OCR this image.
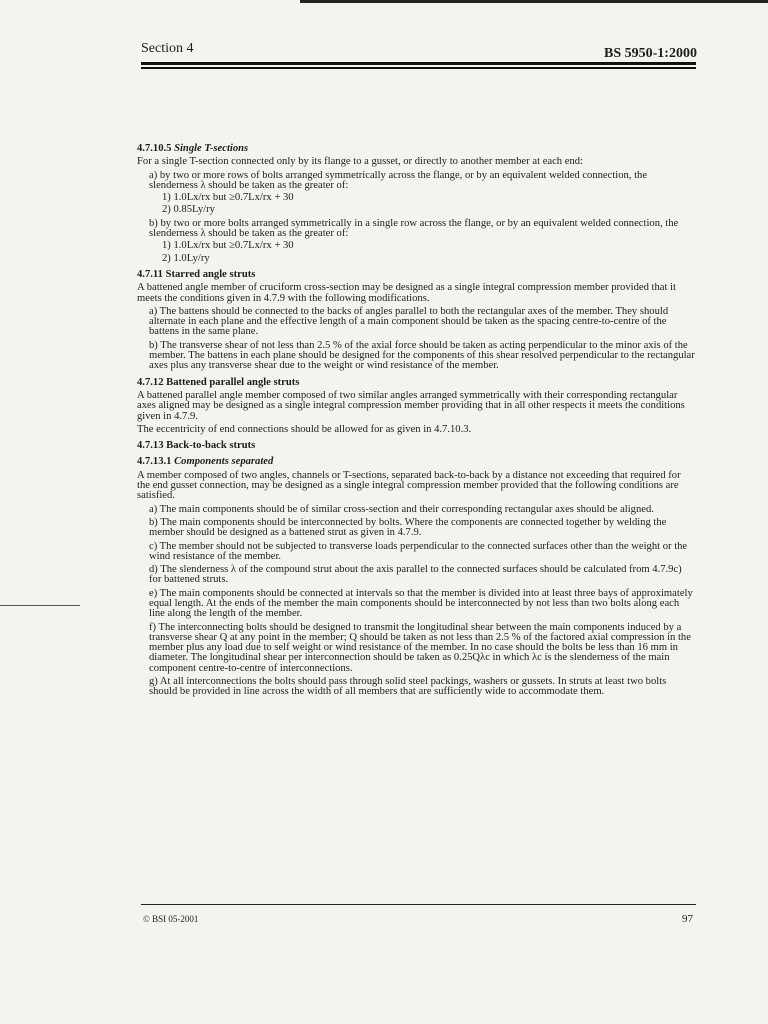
Section 4	BS 5950-1:2000

4.7.10.5 Single T-sections

For a single T-section connected only by its flange to a gusset, or directly to another member at each end:

a) by two or more rows of bolts arranged symmetrically across the flange, or by an equivalent welded connection, the slenderness λ should be taken as the greater of:

1) 1.0Lx/rx but ≥0.7Lx/rx + 30

2) 0.85Ly/ry

b) by two or more bolts arranged symmetrically in a single row across the flange, or by an equivalent welded connection, the slenderness λ should be taken as the greater of:

1) 1.0Lx/rx but ≥0.7Lx/rx + 30

2) 1.0Ly/ry

4.7.11 Starred angle struts

A battened angle member of cruciform cross-section may be designed as a single integral compression member provided that it meets the conditions given in 4.7.9 with the following modifications.

a) The battens should be connected to the backs of angles parallel to both the rectangular axes of the member. They should alternate in each plane and the effective length of a main component should be taken as the spacing centre-to-centre of the battens in the same plane.

b) The transverse shear of not less than 2.5 % of the axial force should be taken as acting perpendicular to the minor axis of the member. The battens in each plane should be designed for the components of this shear resolved perpendicular to the rectangular axes plus any transverse shear due to the weight or wind resistance of the member.

4.7.12 Battened parallel angle struts

A battened parallel angle member composed of two similar angles arranged symmetrically with their corresponding rectangular axes aligned may be designed as a single integral compression member providing that in all other respects it meets the conditions given in 4.7.9.

The eccentricity of end connections should be allowed for as given in 4.7.10.3.

4.7.13 Back-to-back struts

4.7.13.1 Components separated

A member composed of two angles, channels or T-sections, separated back-to-back by a distance not exceeding that required for the end gusset connection, may be designed as a single integral compression member provided that the following conditions are satisfied.

a) The main components should be of similar cross-section and their corresponding rectangular axes should be aligned.

b) The main components should be interconnected by bolts. Where the components are connected together by welding the member should be designed as a battened strut as given in 4.7.9.

c) The member should not be subjected to transverse loads perpendicular to the connected surfaces other than the weight or the wind resistance of the member.

d) The slenderness λ of the compound strut about the axis parallel to the connected surfaces should be calculated from 4.7.9c) for battened struts.

e) The main components should be connected at intervals so that the member is divided into at least three bays of approximately equal length. At the ends of the member the main components should be interconnected by not less than two bolts along each line along the length of the member.

f) The interconnecting bolts should be designed to transmit the longitudinal shear between the main components induced by a transverse shear Q at any point in the member; Q should be taken as not less than 2.5 % of the factored axial compression in the member plus any load due to self weight or wind resistance of the member. In no case should the bolts be less than 16 mm in diameter. The longitudinal shear per interconnection should be taken as 0.25Qλc in which λc is the slenderness of the main component centre-to-centre of interconnections.

g) At all interconnections the bolts should pass through solid steel packings, washers or gussets. In struts at least two bolts should be provided in line across the width of all members that are sufficiently wide to accommodate them.

© BSI 05-2001	97
